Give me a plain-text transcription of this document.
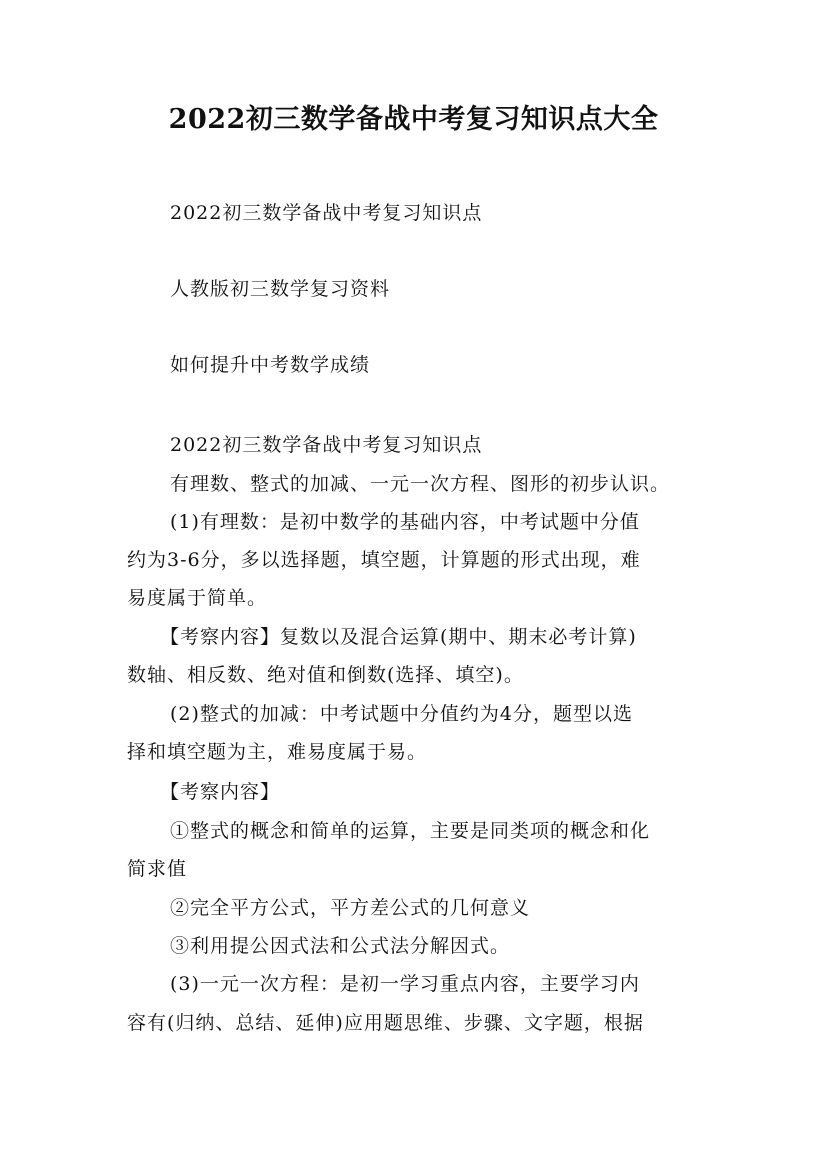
2022初三数学备战中考复习知识点大全
2022初三数学备战中考复习知识点
人教版初三数学复习资料
如何提升中考数学成绩
2022初三数学备战中考复习知识点
有理数、整式的加减、一元一次方程、图形的初步认识。
(1)有理数：是初中数学的基础内容，中考试题中分值
约为3-6分，多以选择题，填空题，计算题的形式出现，难
易度属于简单。
【考察内容】复数以及混合运算(期中、期末必考计算)
数轴、相反数、绝对值和倒数(选择、填空)。
(2)整式的加减：中考试题中分值约为4分，题型以选
择和填空题为主，难易度属于易。
【考察内容】
①整式的概念和简单的运算，主要是同类项的概念和化
简求值
②完全平方公式，平方差公式的几何意义
③利用提公因式法和公式法分解因式。
(3)一元一次方程：是初一学习重点内容，主要学习内
容有(归纳、总结、延伸)应用题思维、步骤、文字题，根据
